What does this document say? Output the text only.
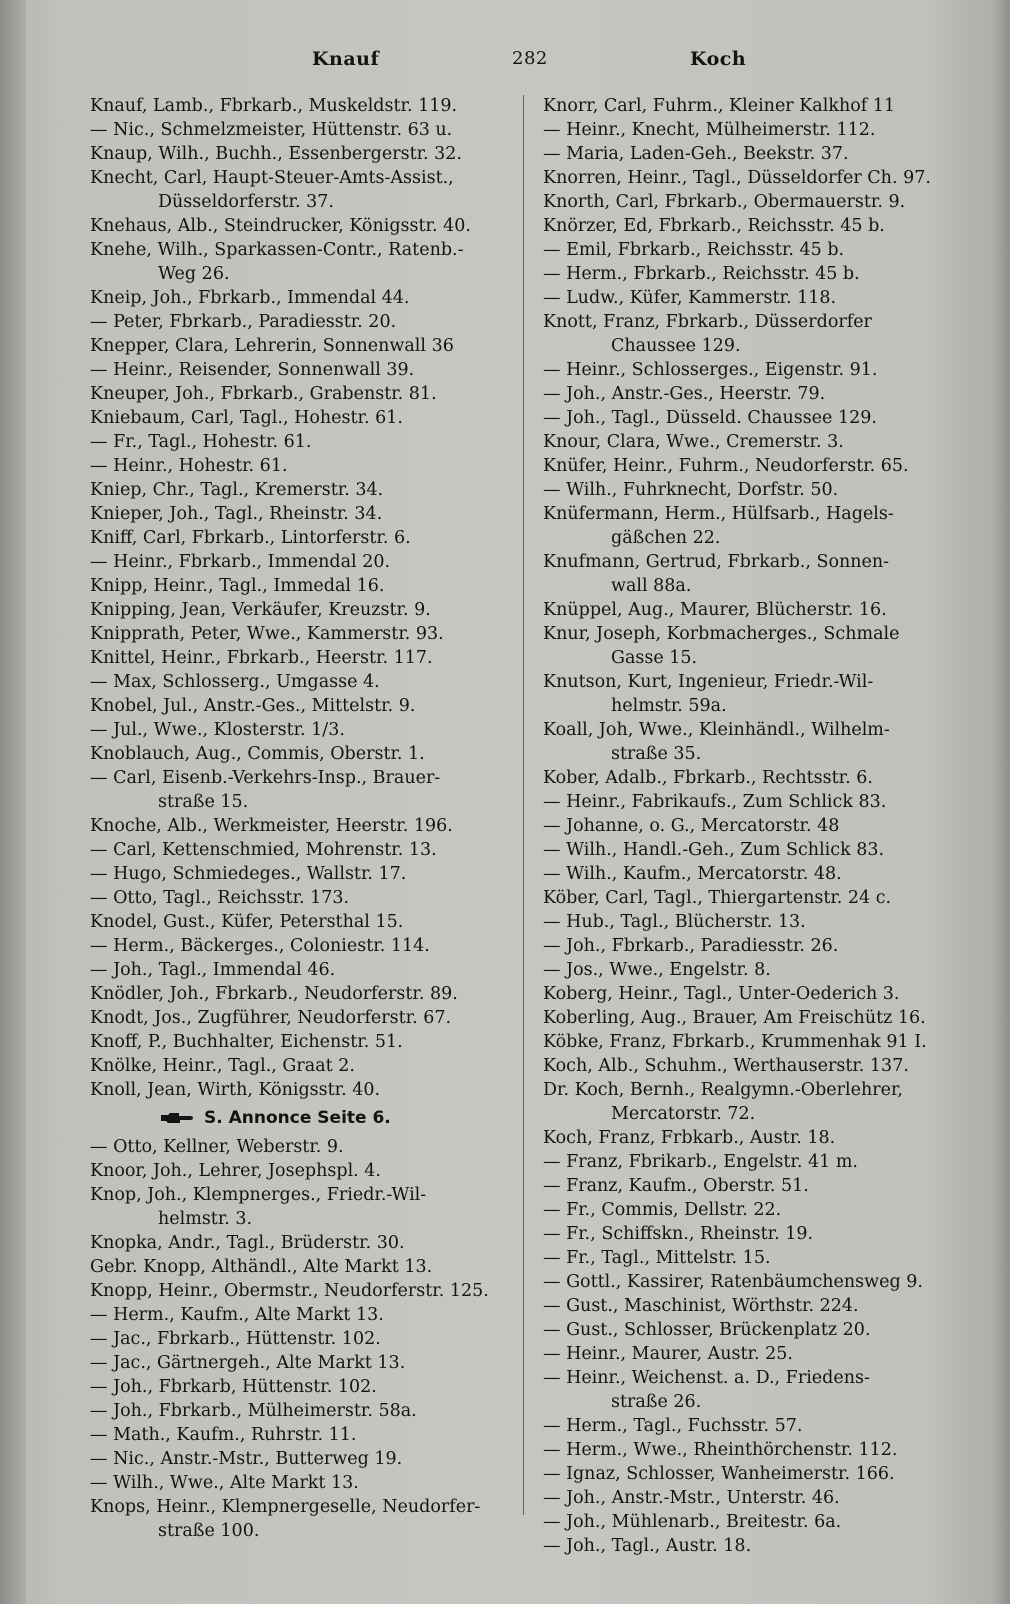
Knauf	282	Koch
Knauf, Lamb., Fbrkarb., Muskeldstr. 119.
— Nic., Schmelzmeister, Hüttenstr. 63 u.
Knaup, Wilh., Buchh., Essenbergerstr. 32.
Knecht, Carl, Haupt-Steuer-Amts-Assist.,
Düsseldorferstr. 37.
Knehaus, Alb., Steindrucker, Königsstr. 40.
Knehe, Wilh., Sparkassen-Contr., Ratenb.-
Weg 26.
Kneip, Joh., Fbrkarb., Immendal 44.
— Peter, Fbrkarb., Paradiesstr. 20.
Knepper, Clara, Lehrerin, Sonnenwall 36
— Heinr., Reisender, Sonnenwall 39.
Kneuper, Joh., Fbrkarb., Grabenstr. 81.
Kniebaum, Carl, Tagl., Hohestr. 61.
— Fr., Tagl., Hohestr. 61.
— Heinr., Hohestr. 61.
Kniep, Chr., Tagl., Kremerstr. 34.
Knieper, Joh., Tagl., Rheinstr. 34.
Kniff, Carl, Fbrkarb., Lintorferstr. 6.
— Heinr., Fbrkarb., Immendal 20.
Knipp, Heinr., Tagl., Immedal 16.
Knipping, Jean, Verkäufer, Kreuzstr. 9.
Knipprath, Peter, Wwe., Kammerstr. 93.
Knittel, Heinr., Fbrkarb., Heerstr. 117.
— Max, Schlosserg., Umgasse 4.
Knobel, Jul., Anstr.-Ges., Mittelstr. 9.
— Jul., Wwe., Klosterstr. 1/3.
Knoblauch, Aug., Commis, Oberstr. 1.
— Carl, Eisenb.-Verkehrs-Insp., Brauer-
straße 15.
Knoche, Alb., Werkmeister, Heerstr. 196.
— Carl, Kettenschmied, Mohrenstr. 13.
— Hugo, Schmiedeges., Wallstr. 17.
— Otto, Tagl., Reichsstr. 173.
Knodel, Gust., Küfer, Petersthal 15.
— Herm., Bäckerges., Coloniestr. 114.
— Joh., Tagl., Immendal 46.
Knödler, Joh., Fbrkarb., Neudorferstr. 89.
Knodt, Jos., Zugführer, Neudorferstr. 67.
Knoff, P., Buchhalter, Eichenstr. 51.
Knölke, Heinr., Tagl., Graat 2.
Knoll, Jean, Wirth, Königsstr. 40.
S. Annonce Seite 6.
— Otto, Kellner, Weberstr. 9.
Knoor, Joh., Lehrer, Josephspl. 4.
Knop, Joh., Klempnerges., Friedr.-Wil-
helmstr. 3.
Knopka, Andr., Tagl., Brüderstr. 30.
Gebr. Knopp, Althändl., Alte Markt 13.
Knopp, Heinr., Obermstr., Neudorferstr. 125.
— Herm., Kaufm., Alte Markt 13.
— Jac., Fbrkarb., Hüttenstr. 102.
— Jac., Gärtnergeh., Alte Markt 13.
— Joh., Fbrkarb, Hüttenstr. 102.
— Joh., Fbrkarb., Mülheimerstr. 58a.
— Math., Kaufm., Ruhrstr. 11.
— Nic., Anstr.-Mstr., Butterweg 19.
— Wilh., Wwe., Alte Markt 13.
Knops, Heinr., Klempnergeselle, Neudorfer-
straße 100.
Knorr, Carl, Fuhrm., Kleiner Kalkhof 11
— Heinr., Knecht, Mülheimerstr. 112.
— Maria, Laden-Geh., Beekstr. 37.
Knorren, Heinr., Tagl., Düsseldorfer Ch. 97.
Knorth, Carl, Fbrkarb., Obermauerstr. 9.
Knörzer, Ed, Fbrkarb., Reichsstr. 45 b.
— Emil, Fbrkarb., Reichsstr. 45 b.
— Herm., Fbrkarb., Reichsstr. 45 b.
— Ludw., Küfer, Kammerstr. 118.
Knott, Franz, Fbrkarb., Düsserdorfer
Chaussee 129.
— Heinr., Schlosserges., Eigenstr. 91.
— Joh., Anstr.-Ges., Heerstr. 79.
— Joh., Tagl., Düsseld. Chaussee 129.
Knour, Clara, Wwe., Cremerstr. 3.
Knüfer, Heinr., Fuhrm., Neudorferstr. 65.
— Wilh., Fuhrknecht, Dorfstr. 50.
Knüfermann, Herm., Hülfsarb., Hagels-
gäßchen 22.
Knufmann, Gertrud, Fbrkarb., Sonnen-
wall 88a.
Knüppel, Aug., Maurer, Blücherstr. 16.
Knur, Joseph, Korbmacherges., Schmale
Gasse 15.
Knutson, Kurt, Ingenieur, Friedr.-Wil-
helmstr. 59a.
Koall, Joh, Wwe., Kleinhändl., Wilhelm-
straße 35.
Kober, Adalb., Fbrkarb., Rechtsstr. 6.
— Heinr., Fabrikaufs., Zum Schlick 83.
— Johanne, o. G., Mercatorstr. 48
— Wilh., Handl.-Geh., Zum Schlick 83.
— Wilh., Kaufm., Mercatorstr. 48.
Köber, Carl, Tagl., Thiergartenstr. 24 c.
— Hub., Tagl., Blücherstr. 13.
— Joh., Fbrkarb., Paradiesstr. 26.
— Jos., Wwe., Engelstr. 8.
Koberg, Heinr., Tagl., Unter-Oederich 3.
Koberling, Aug., Brauer, Am Freischütz 16.
Köbke, Franz, Fbrkarb., Krummenhak 91 I.
Koch, Alb., Schuhm., Werthauserstr. 137.
Dr. Koch, Bernh., Realgymn.-Oberlehrer,
Mercatorstr. 72.
Koch, Franz, Frbkarb., Austr. 18.
— Franz, Fbrikarb., Engelstr. 41 m.
— Franz, Kaufm., Oberstr. 51.
— Fr., Commis, Dellstr. 22.
— Fr., Schiffskn., Rheinstr. 19.
— Fr., Tagl., Mittelstr. 15.
— Gottl., Kassirer, Ratenbäumchensweg 9.
— Gust., Maschinist, Wörthstr. 224.
— Gust., Schlosser, Brückenplatz 20.
— Heinr., Maurer, Austr. 25.
— Heinr., Weichenst. a. D., Friedens-
straße 26.
— Herm., Tagl., Fuchsstr. 57.
— Herm., Wwe., Rheinthörchenstr. 112.
— Ignaz, Schlosser, Wanheimerstr. 166.
— Joh., Anstr.-Mstr., Unterstr. 46.
— Joh., Mühlenarb., Breitestr. 6a.
— Joh., Tagl., Austr. 18.
